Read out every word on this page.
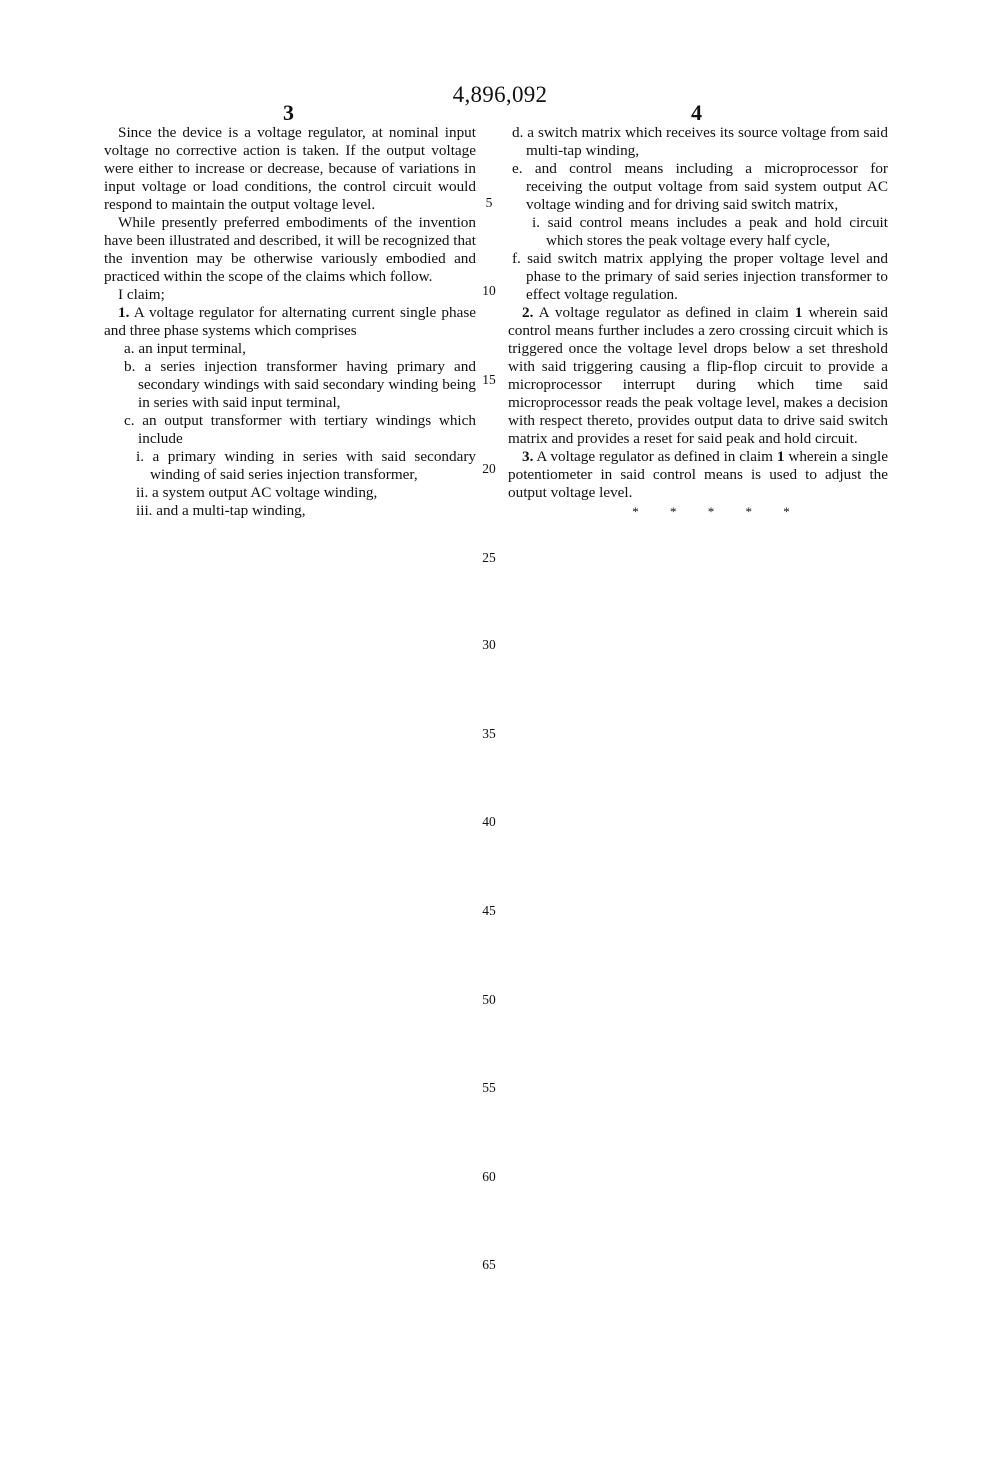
4,896,092
3	4

Since the device is a voltage regulator, at nominal input voltage no corrective action is taken. If the output voltage were either to increase or decrease, because of variations in input voltage or load conditions, the control circuit would respond to maintain the output voltage level.

While presently preferred embodiments of the invention have been illustrated and described, it will be recognized that the invention may be otherwise variously embodied and practiced within the scope of the claims which follow.

I claim;

1. A voltage regulator for alternating current single phase and three phase systems which comprises

a. an input terminal,

b. a series injection transformer having primary and secondary windings with said secondary winding being in series with said input terminal,

c. an output transformer with tertiary windings which include

i. a primary winding in series with said secondary winding of said series injection transformer,

ii. a system output AC voltage winding,

iii. and a multi-tap winding,

d. a switch matrix which receives its source voltage from said multi-tap winding,

e. and control means including a microprocessor for receiving the output voltage from said system output AC voltage winding and for driving said switch matrix,

i. said control means includes a peak and hold circuit which stores the peak voltage every half cycle,

f. said switch matrix applying the proper voltage level and phase to the primary of said series injection transformer to effect voltage regulation.

2. A voltage regulator as defined in claim 1 wherein said control means further includes a zero crossing circuit which is triggered once the voltage level drops below a set threshold with said triggering causing a flip-flop circuit to provide a microprocessor interrupt during which time said microprocessor reads the peak voltage level, makes a decision with respect thereto, provides output data to drive said switch matrix and provides a reset for said peak and hold circuit.

3. A voltage regulator as defined in claim 1 wherein a single potentiometer in said control means is used to adjust the output voltage level.

* * * * *
5
10
15
20
25
30
35
40
45
50
55
60
65
